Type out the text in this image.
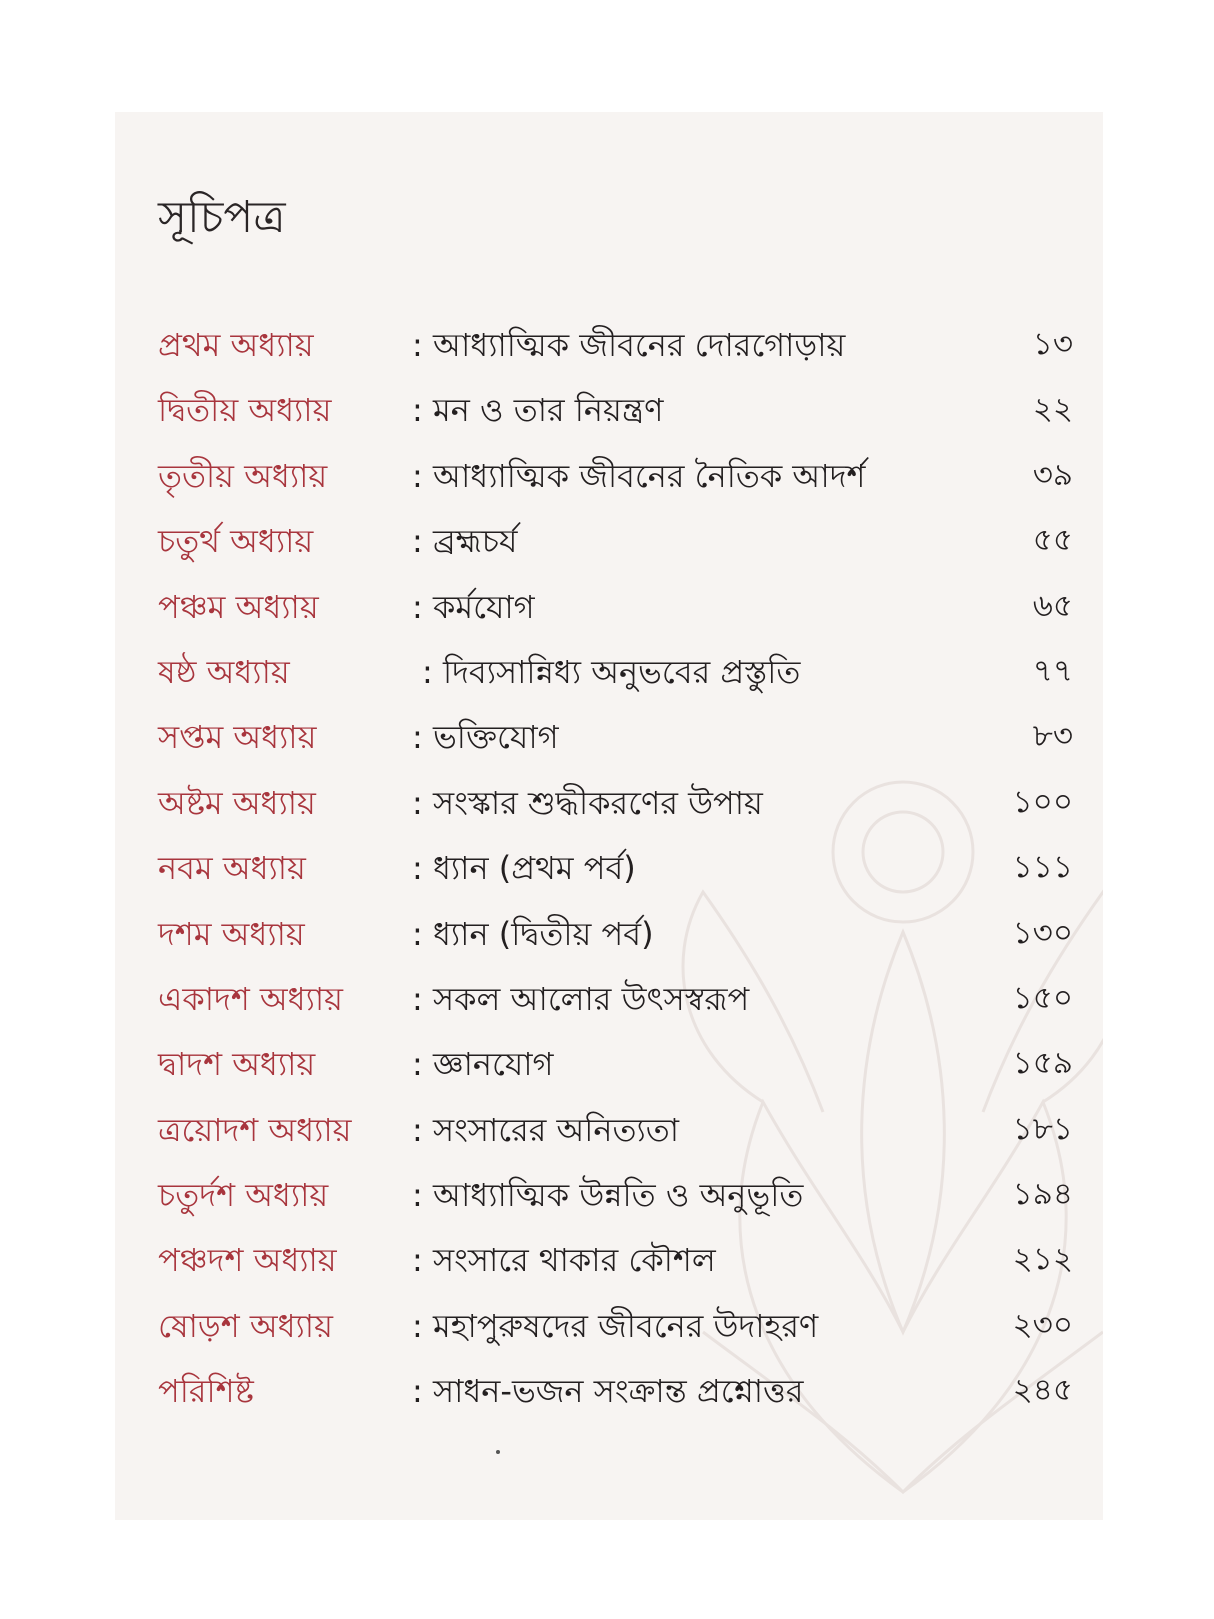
সূচিপত্র
প্রথম অধ্যায়	: আধ্যাত্মিক জীবনের দোরগোড়ায়	১৩
দ্বিতীয় অধ্যায়	: মন ও তার নিয়ন্ত্রণ	২২
তৃতীয় অধ্যায়	: আধ্যাত্মিক জীবনের নৈতিক আদর্শ	৩৯
চতুর্থ অধ্যায়	: ব্রহ্মচর্য	৫৫
পঞ্চম অধ্যায়	: কর্মযোগ	৬৫
ষষ্ঠ অধ্যায়	: দিব্যসান্নিধ্য অনুভবের প্রস্তুতি	৭৭
সপ্তম অধ্যায়	: ভক্তিযোগ	৮৩
অষ্টম অধ্যায়	: সংস্কার শুদ্ধীকরণের উপায়	১০০
নবম অধ্যায়	: ধ্যান (প্রথম পর্ব)	১১১
দশম অধ্যায়	: ধ্যান (দ্বিতীয় পর্ব)	১৩০
একাদশ অধ্যায় : সকল আলোর উৎসস্বরূপ	১৫০
দ্বাদশ অধ্যায়	: জ্ঞানযোগ	১৫৯
ত্রয়োদশ অধ্যায় : সংসারের অনিত্যতা	১৮১
চতুর্দশ অধ্যায়	: আধ্যাত্মিক উন্নতি ও অনুভূতি	১৯৪
পঞ্চদশ অধ্যায় : সংসারে থাকার কৌশল	২১২
ষোড়শ অধ্যায় : মহাপুরুষদের জীবনের উদাহরণ	২৩০
পরিশিষ্ট	: সাধন-ভজন সংক্রান্ত প্রশ্নোত্তর	২৪৫
